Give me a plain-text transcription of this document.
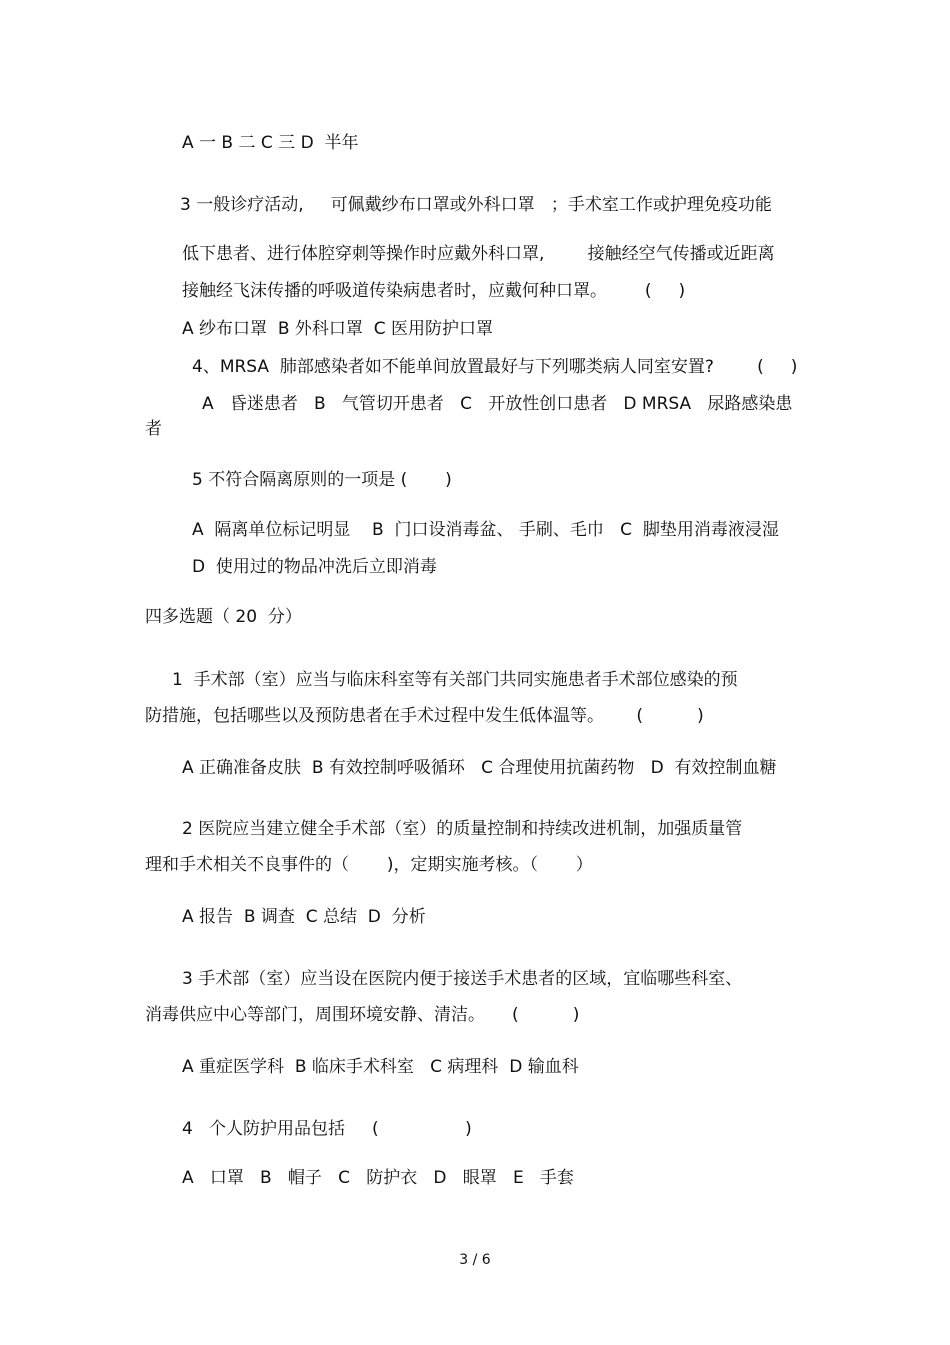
A 一 B 二 C 三 D  半年
3 一般诊疗活动,     可佩戴纱布口罩或外科口罩   ；手术室工作或护理免疫功能
低下患者、进行体腔穿刺等操作时应戴外科口罩,        接触经空气传播或近距离
接触经飞沫传播的呼吸道传染病患者时，应戴何种口罩。       (     )
A 纱布口罩  B 外科口罩  C 医用防护口罩
4、MRSA  肺部感染者如不能单间放置最好与下列哪类病人同室安置?        (     )
A   昏迷患者   B   气管切开患者   C   开放性创口患者   D MRSA   尿路感染患
者
5 不符合隔离原则的一项是 (       )
A  隔离单位标记明显    B  门口设消毒盆、 手刷、毛巾   C  脚垫用消毒液浸湿
D  使用过的物品冲洗后立即消毒
四多选题（ 20  分）
1  手术部（室）应当与临床科室等有关部门共同实施患者手术部位感染的预
防措施，包括哪些以及预防患者在手术过程中发生低体温等。      (          )
A 正确准备皮肤  B 有效控制呼吸循环   C 合理使用抗菌药物   D  有效控制血糖
2 医院应当建立健全手术部（室）的质量控制和持续改进机制，加强质量管
理和手术相关不良事件的（       )，定期实施考核。（       ）
A 报告  B 调查  C 总结  D  分析
3 手术部（室）应当设在医院内便于接送手术患者的区域，宜临哪些科室、
消毒供应中心等部门，周围环境安静、清洁。     (          )
A 重症医学科  B 临床手术科室   C 病理科  D 输血科
4   个人防护用品包括     (                )
A   口罩   B   帽子   C   防护衣   D   眼罩   E   手套
3 / 6
